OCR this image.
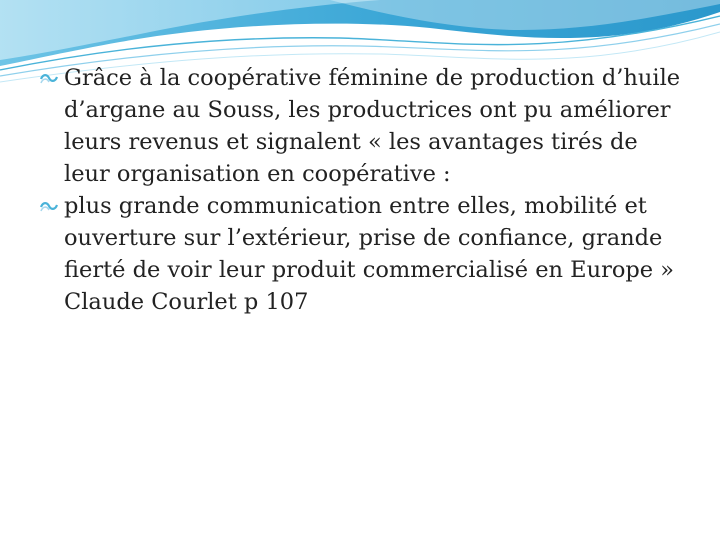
Grâce à la coopérative féminine de production d’huile d’argane au Souss, les productrices ont pu améliorer leurs revenus et signalent « les avantages tirés de leur organisation en coopérative :
plus grande communication entre elles, mobilité et ouverture sur l’extérieur, prise de confiance, grande fierté de voir leur produit commercialisé en Europe » Claude Courlet p 107
